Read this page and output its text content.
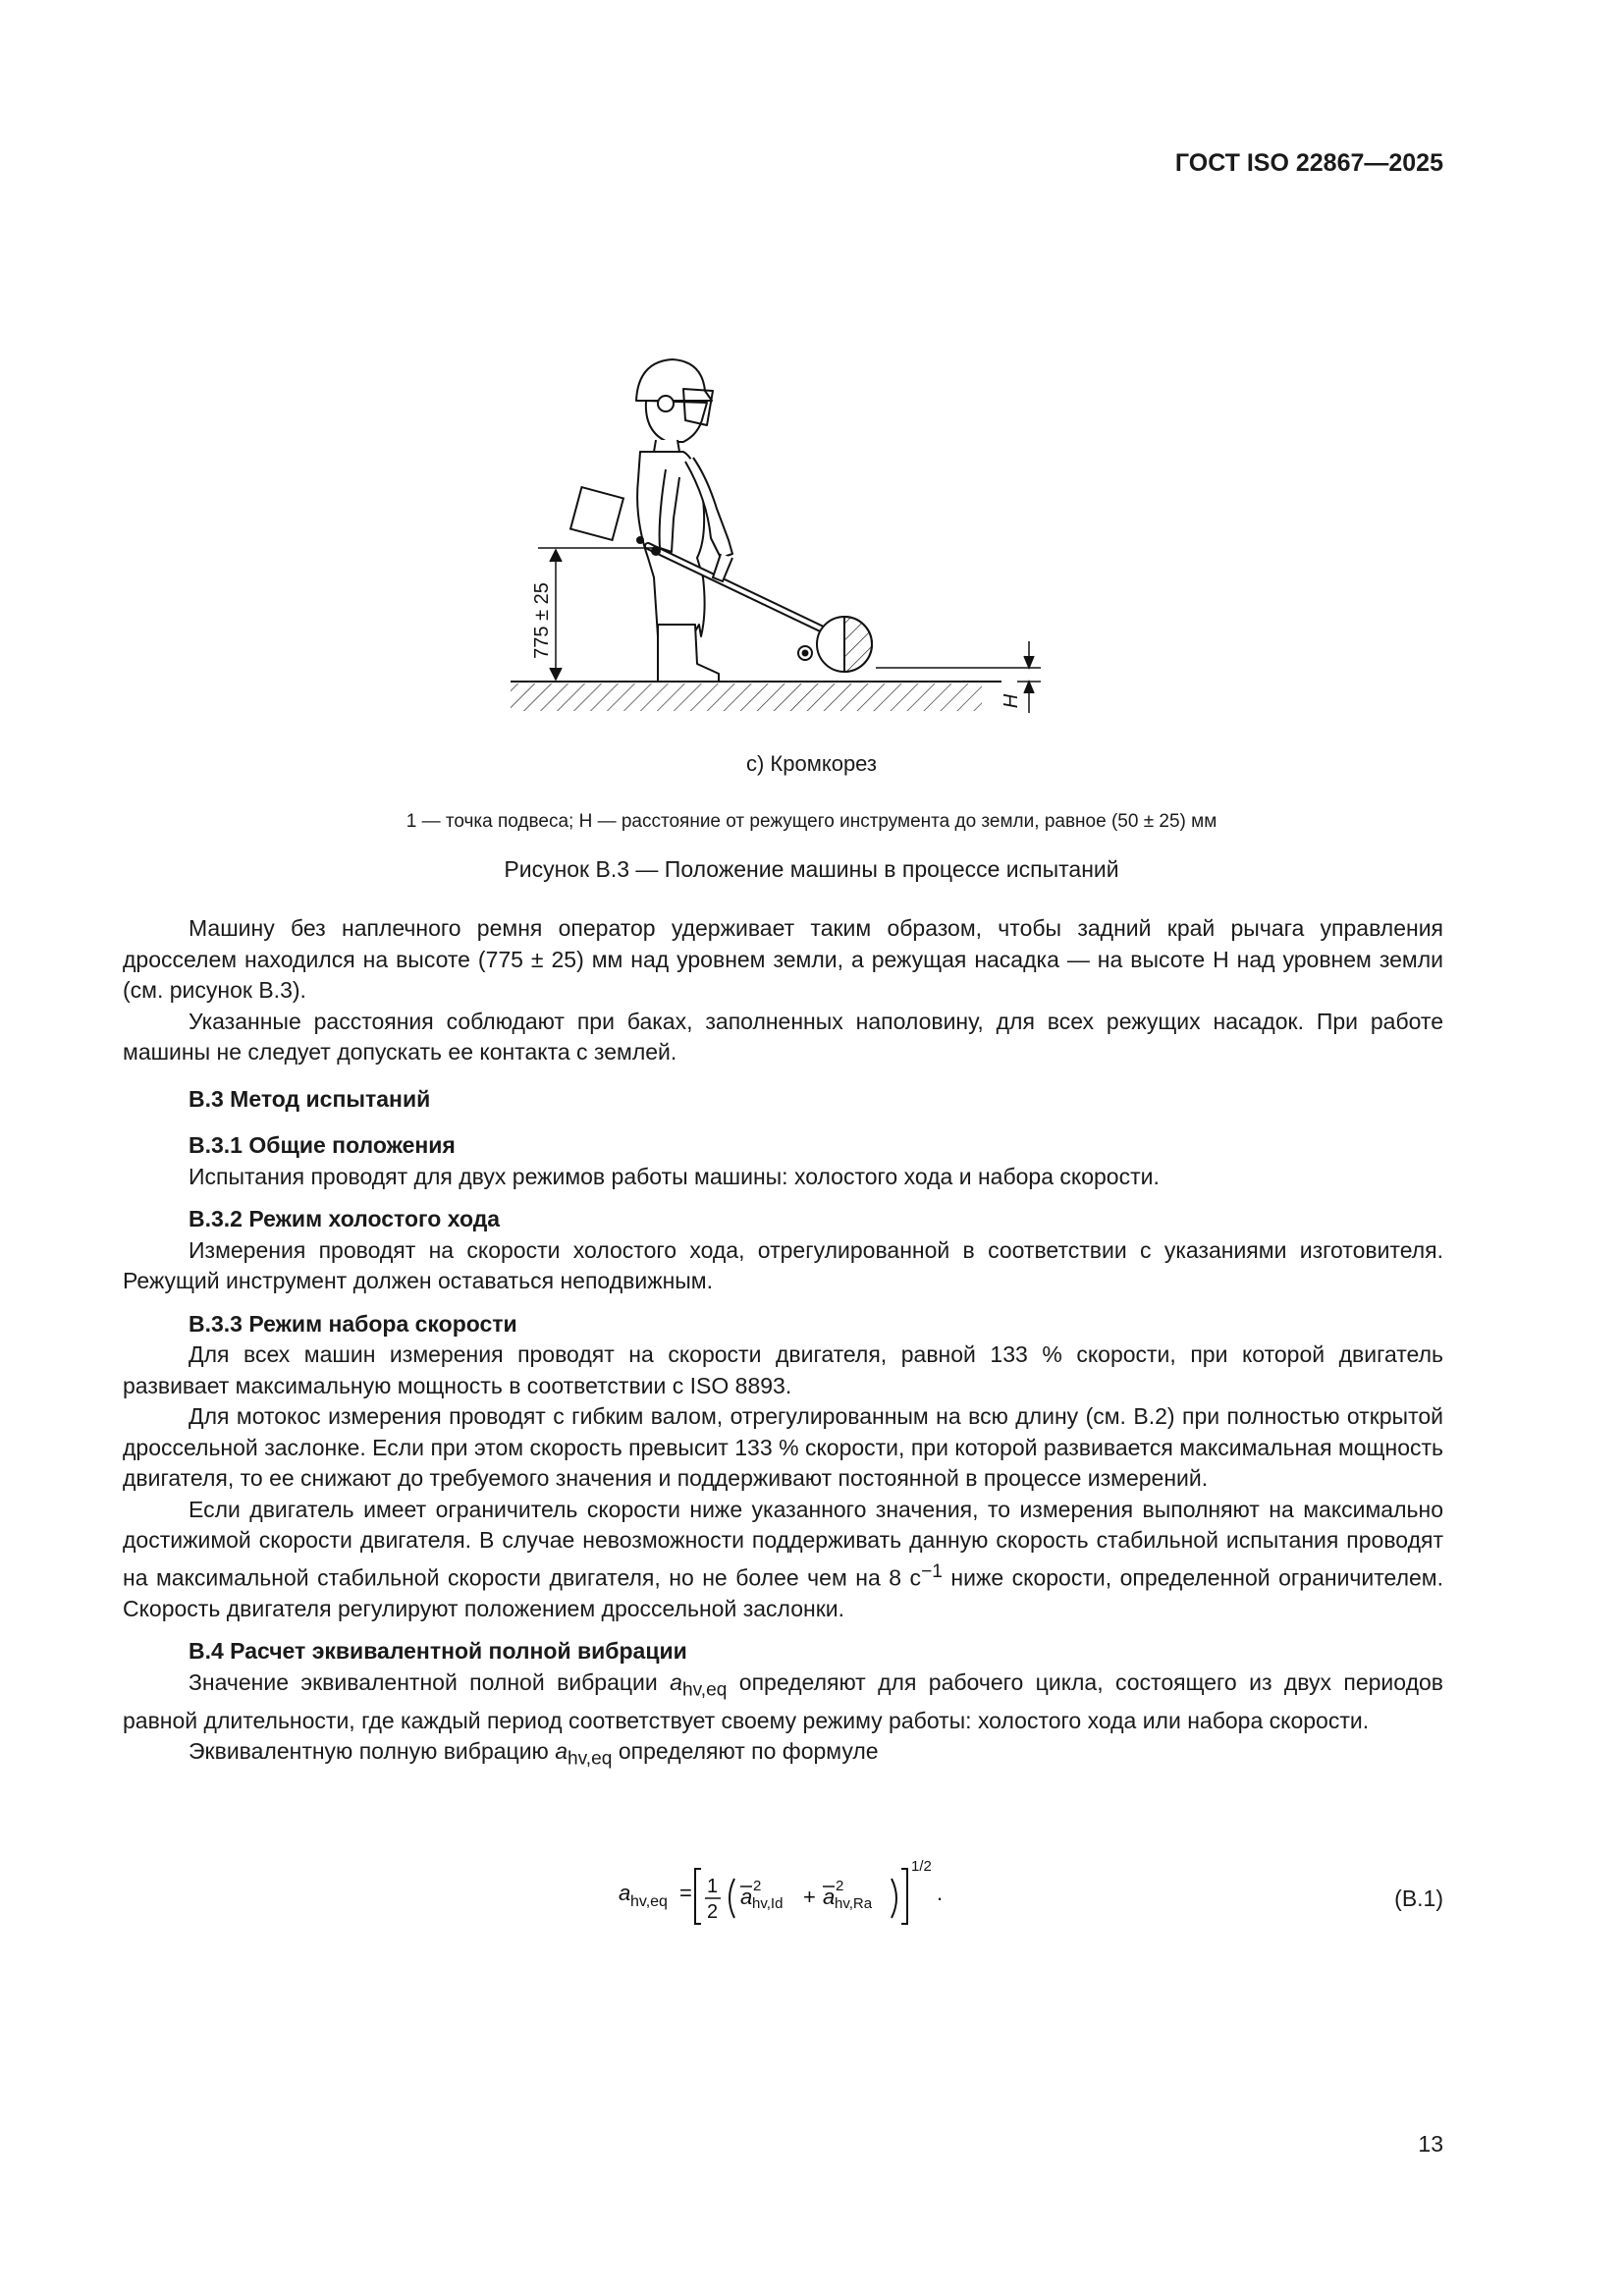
ГОСТ ISO 22867—2025
775 ± 25
H
c) Кромкорез
1 — точка подвеса; H — расстояние от режущего инструмента до земли, равное (50 ± 25) мм
Рисунок В.3 — Положение машины в процессе испытаний

Машину без наплечного ремня оператор удерживает таким образом, чтобы задний край рычага управления дросселем находился на высоте (775 ± 25) мм над уровнем земли, а режущая насадка — на высоте H над уровнем земли (см. рисунок В.3).

Указанные расстояния соблюдают при баках, заполненных наполовину, для всех режущих насадок. При работе машины не следует допускать ее контакта с землей.

В.3 Метод испытаний
В.3.1 Общие положения

Испытания проводят для двух режимов работы машины: холостого хода и набора скорости.

В.3.2 Режим холостого хода

Измерения проводят на скорости холостого хода, отрегулированной в соответствии с указаниями изготовителя. Режущий инструмент должен оставаться неподвижным.

В.3.3 Режим набора скорости

Для всех машин измерения проводят на скорости двигателя, равной 133 % скорости, при которой двигатель развивает максимальную мощность в соответствии с ISO 8893.

Для мотокос измерения проводят с гибким валом, отрегулированным на всю длину (см. В.2) при полностью открытой дроссельной заслонке. Если при этом скорость превысит 133 % скорости, при которой развивается максимальная мощность двигателя, то ее снижают до требуемого значения и поддерживают постоянной в процессе измерений.

Если двигатель имеет ограничитель скорости ниже указанного значения, то измерения выполняют на максимально достижимой скорости двигателя. В случае невозможности поддерживать данную скорость стабильной испытания проводят на максимальной стабильной скорости двигателя, но не более чем на 8 $с^{-1}$ ниже скорости, определенной ограничителем. Скорость двигателя регулируют положением дроссельной заслонки.

В.4 Расчет эквивалентной полной вибрации

Значение эквивалентной полной вибрации $a_{hv,eq}$ определяют для рабочего цикла, состоящего из двух периодов равной длительности, где каждый период соответствует своему режиму работы: холостого хода или набора скорости.

Эквивалентную полную вибрацию $a_{hv,eq}$ определяют по формуле

a hv,eq = 1
2
a 2
hv,Id + a 2
hv,Ra
1/2
.	(В.1)
13
